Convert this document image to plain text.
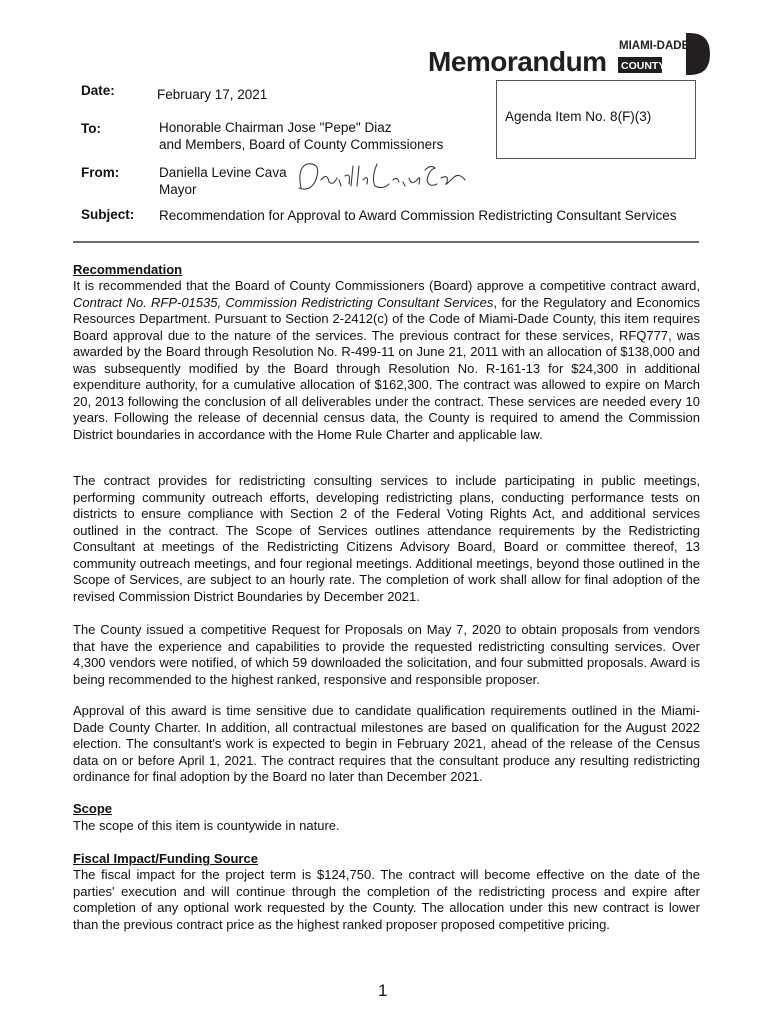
Memorandum MIAMI-DADE
COUNTY
Agenda Item No. 8(F)(3)
Date:	February 17, 2021
To:	Honorable Chairman Jose "Pepe" Diaz
and Members, Board of County Commissioners
From:	Daniella Levine Cava
Mayor
Subject: Recommendation for Approval to Award Commission Redistricting Consultant Services
Recommendation
It is recommended that the Board of County Commissioners (Board) approve a competitive contract award, Contract No. RFP-01535, Commission Redistricting Consultant Services, for the Regulatory and Economics Resources Department. Pursuant to Section 2-2412(c) of the Code of Miami-Dade County, this item requires Board approval due to the nature of the services. The previous contract for these services, RFQ777, was awarded by the Board through Resolution No. R-499-11 on June 21, 2011 with an allocation of $138,000 and was subsequently modified by the Board through Resolution No. R-161-13 for $24,300 in additional expenditure authority, for a cumulative allocation of $162,300. The contract was allowed to expire on March 20, 2013 following the conclusion of all deliverables under the contract. These services are needed every 10 years. Following the release of decennial census data, the County is required to amend the Commission District boundaries in accordance with the Home Rule Charter and applicable law.
The contract provides for redistricting consulting services to include participating in public meetings, performing community outreach efforts, developing redistricting plans, conducting performance tests on districts to ensure compliance with Section 2 of the Federal Voting Rights Act, and additional services outlined in the contract. The Scope of Services outlines attendance requirements by the Redistricting Consultant at meetings of the Redistricting Citizens Advisory Board, Board or committee thereof, 13 community outreach meetings, and four regional meetings. Additional meetings, beyond those outlined in the Scope of Services, are subject to an hourly rate. The completion of work shall allow for final adoption of the revised Commission District Boundaries by December 2021.
The County issued a competitive Request for Proposals on May 7, 2020 to obtain proposals from vendors that have the experience and capabilities to provide the requested redistricting consulting services. Over 4,300 vendors were notified, of which 59 downloaded the solicitation, and four submitted proposals. Award is being recommended to the highest ranked, responsive and responsible proposer.
Approval of this award is time sensitive due to candidate qualification requirements outlined in the Miami-Dade County Charter. In addition, all contractual milestones are based on qualification for the August 2022 election. The consultant's work is expected to begin in February 2021, ahead of the release of the Census data on or before April 1, 2021. The contract requires that the consultant produce any resulting redistricting ordinance for final adoption by the Board no later than December 2021.
Scope
The scope of this item is countywide in nature.
Fiscal Impact/Funding Source
The fiscal impact for the project term is $124,750. The contract will become effective on the date of the parties' execution and will continue through the completion of the redistricting process and expire after completion of any optional work requested by the County. The allocation under this new contract is lower than the previous contract price as the highest ranked proposer proposed competitive pricing.
1
